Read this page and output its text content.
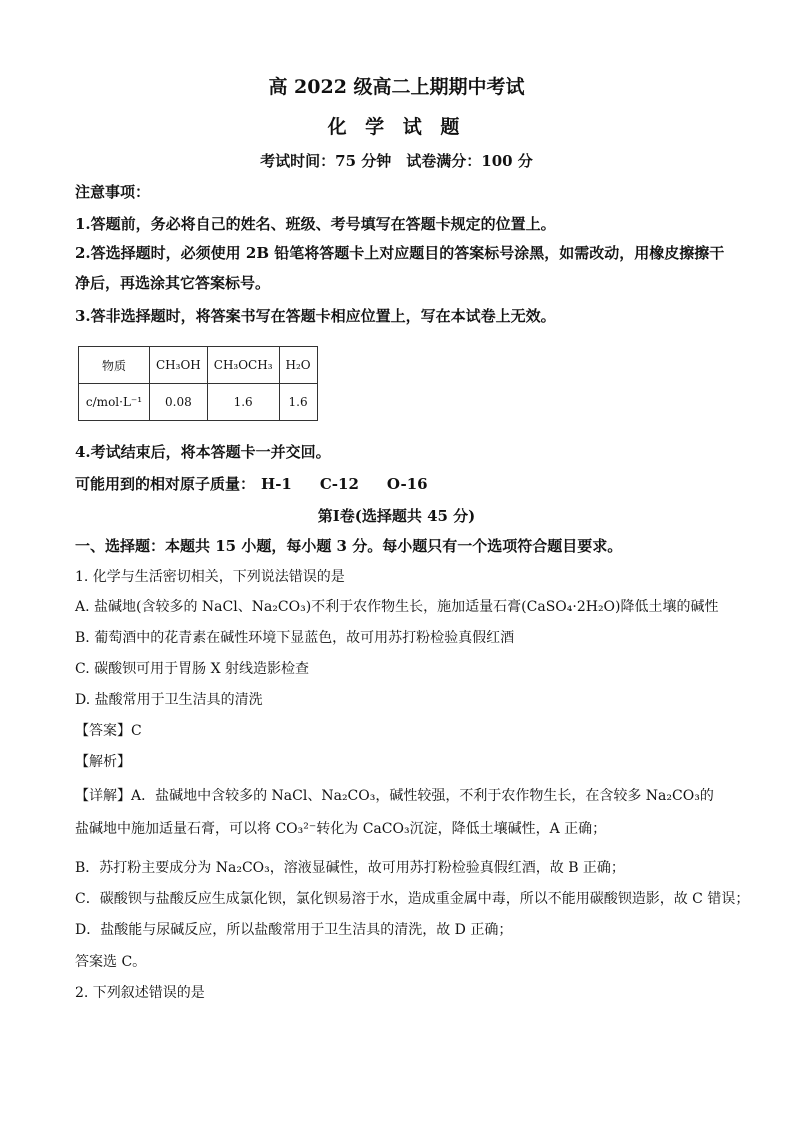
高 2022 级高二上期期中考试
化 学 试 题
考试时间：75 分钟　试卷满分：100 分
注意事项：
1.答题前，务必将自己的姓名、班级、考号填写在答题卡规定的位置上。
2.答选择题时，必须使用 2B 铅笔将答题卡上对应题目的答案标号涂黑，如需改动，用橡皮擦擦干净后，再选涂其它答案标号。
3.答非选择题时，将答案书写在答题卡相应位置上，写在本试卷上无效。
物质	CH₃OH	CH₃OCH₃	H₂O
c/mol·L⁻¹	0.08	1.6	1.6
4.考试结束后，将本答题卡一并交回。
可能用到的相对原子质量： H-1 C-12 O-16
第Ⅰ卷(选择题共 45 分)
一、选择题：本题共 15 小题，每小题 3 分。每小题只有一个选项符合题目要求。
1. 化学与生活密切相关，下列说法错误的是
A. 盐碱地(含较多的 NaCl、Na₂CO₃)不利于农作物生长，施加适量石膏(CaSO₄·2H₂O)降低土壤的碱性
B. 葡萄酒中的花青素在碱性环境下显蓝色，故可用苏打粉检验真假红酒
C. 碳酸钡可用于胃肠 X 射线造影检查
D. 盐酸常用于卫生洁具的清洗
【答案】C
【解析】
【详解】A．盐碱地中含较多的 NaCl、Na₂CO₃，碱性较强，不利于农作物生长，在含较多 Na₂CO₃的盐碱地中施加适量石膏，可以将 CO₃²⁻转化为 CaCO₃沉淀，降低土壤碱性，A 正确；
B．苏打粉主要成分为 Na₂CO₃，溶液显碱性，故可用苏打粉检验真假红酒，故 B 正确；
C．碳酸钡与盐酸反应生成氯化钡，氯化钡易溶于水，造成重金属中毒，所以不能用碳酸钡造影，故 C 错误；
D．盐酸能与尿碱反应，所以盐酸常用于卫生洁具的清洗，故 D 正确；
答案选 C。
2. 下列叙述错误的是
